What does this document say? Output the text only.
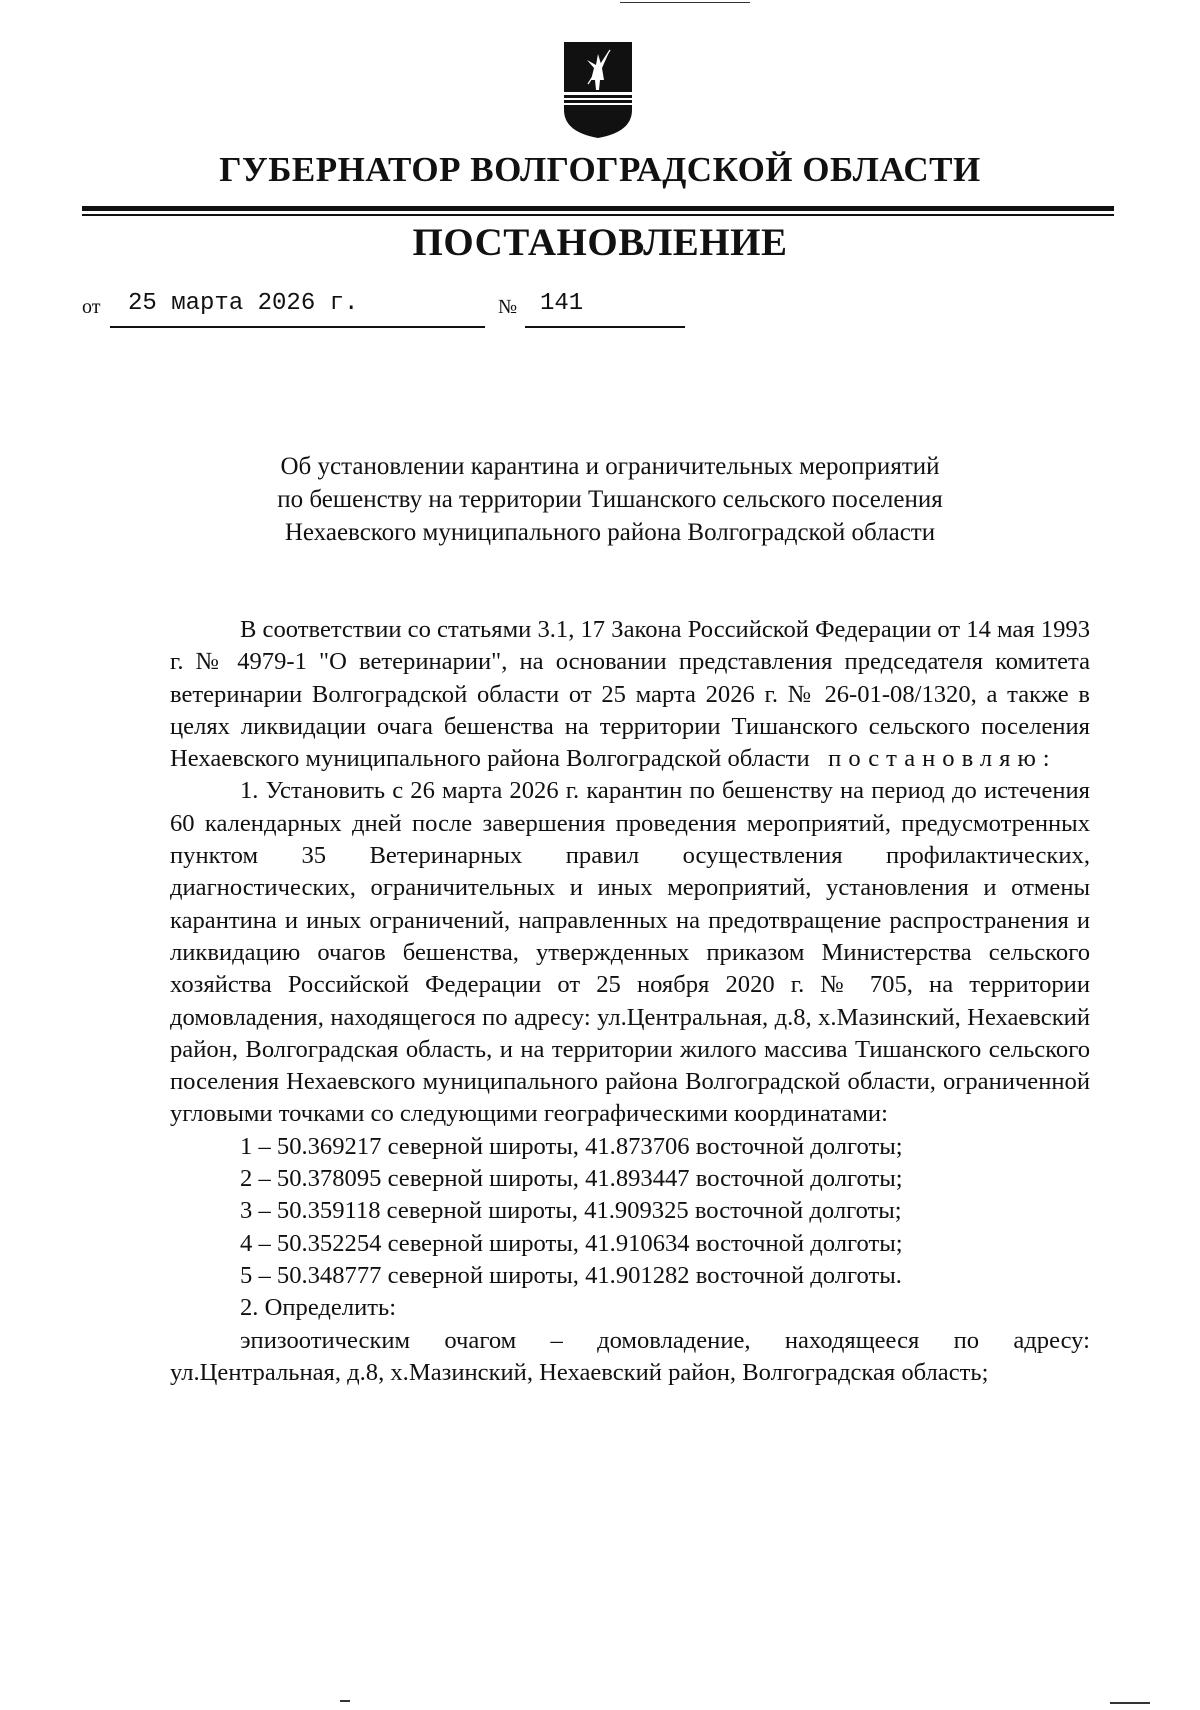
ГУБЕРНАТОР ВОЛГОГРАДСКОЙ ОБЛАСТИ
ПОСТАНОВЛЕНИЕ
от 25 марта 2026 г.	№ 141
Об установлении карантина и ограничительных мероприятий
по бешенству на территории Тишанского сельского поселения
Нехаевского муниципального района Волгоградской области

В соответствии со статьями 3.1, 17 Закона Российской Федерации от 14 мая 1993 г. № 4979-1 "О ветеринарии", на основании представления председателя комитета ветеринарии Волгоградской области от 25 марта 2026 г. № 26-01-08/1320, а также в целях ликвидации очага бешенства на территории Тишанского сельского поселения Нехаевского муниципального района Волгоградской области постановляю:

1. Установить с 26 марта 2026 г. карантин по бешенству на период до истечения 60 календарных дней после завершения проведения мероприятий, предусмотренных пунктом 35 Ветеринарных правил осуществления профилактических, диагностических, ограничительных и иных мероприятий, установления и отмены карантина и иных ограничений, направленных на предотвращение распространения и ликвидацию очагов бешенства, утвержденных приказом Министерства сельского хозяйства Российской Федерации от 25 ноября 2020 г. № 705, на территории домовладения, находящегося по адресу: ул.Центральная, д.8, х.Мазинский, Нехаевский район, Волгоградская область, и на территории жилого массива Тишанского сельского поселения Нехаевского муниципального района Волгоградской области, ограниченной угловыми точками со следующими географическими координатами:

1 – 50.369217 северной широты, 41.873706 восточной долготы;
2 – 50.378095 северной широты, 41.893447 восточной долготы;
3 – 50.359118 северной широты, 41.909325 восточной долготы;
4 – 50.352254 северной широты, 41.910634 восточной долготы;
5 – 50.348777 северной широты, 41.901282 восточной долготы.

2. Определить:

эпизоотическим очагом – домовладение, находящееся по адресу: ул.Центральная, д.8, х.Мазинский, Нехаевский район, Волгоградская область;
